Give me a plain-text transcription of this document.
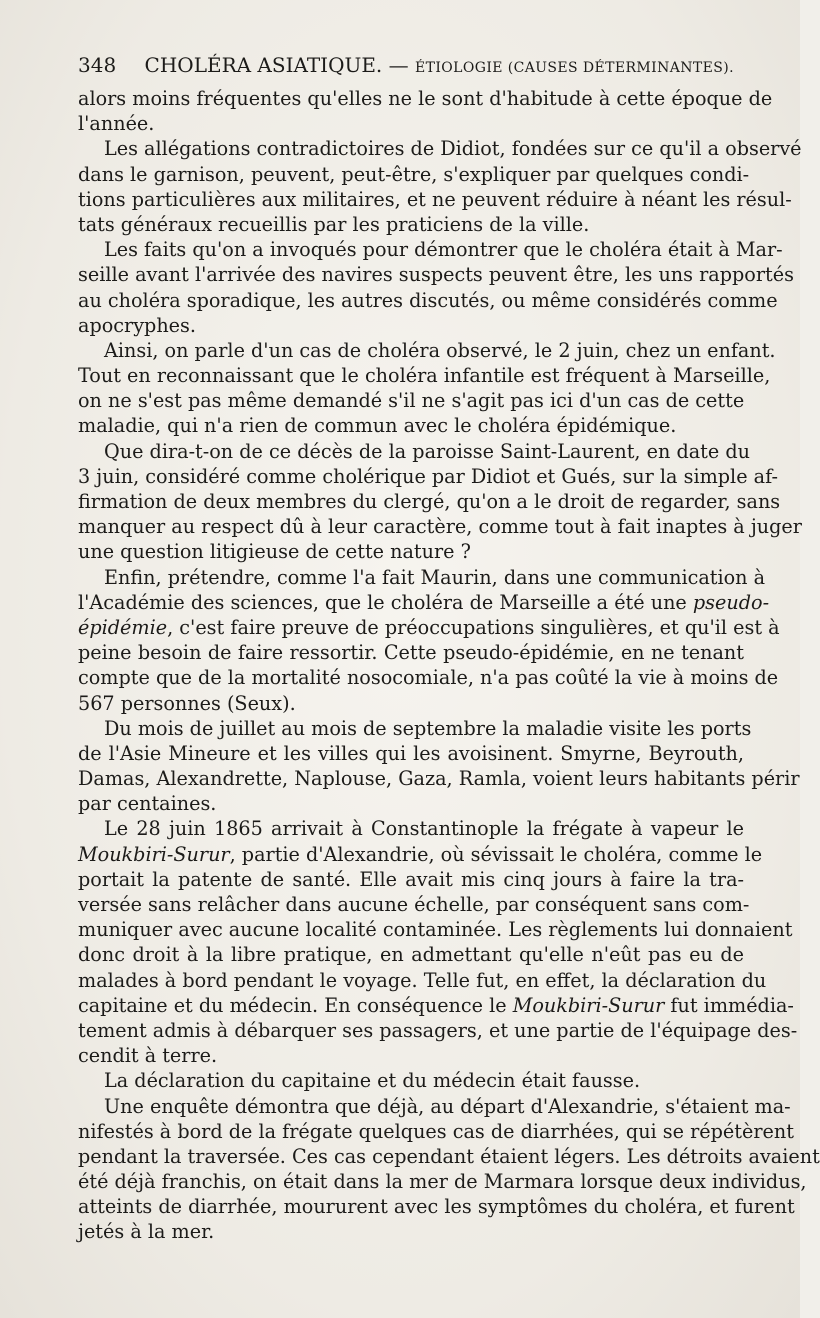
348 CHOLÉRA ASIATIQUE. — ÉTIOLOGIE (CAUSES DÉTERMINANTES).
alors moins fréquentes qu'elles ne le sont d'habitude à cette époque de
l'année.
Les allégations contradictoires de Didiot, fondées sur ce qu'il a observé
dans le garnison, peuvent, peut-être, s'expliquer par quelques condi-
tions particulières aux militaires, et ne peuvent réduire à néant les résul-
tats généraux recueillis par les praticiens de la ville.
Les faits qu'on a invoqués pour démontrer que le choléra était à Mar-
seille avant l'arrivée des navires suspects peuvent être, les uns rapportés
au choléra sporadique, les autres discutés, ou même considérés comme
apocryphes.
Ainsi, on parle d'un cas de choléra observé, le 2 juin, chez un enfant.
Tout en reconnaissant que le choléra infantile est fréquent à Marseille,
on ne s'est pas même demandé s'il ne s'agit pas ici d'un cas de cette
maladie, qui n'a rien de commun avec le choléra épidémique.
Que dira-t-on de ce décès de la paroisse Saint-Laurent, en date du
3 juin, considéré comme cholérique par Didiot et Gués, sur la simple af-
firmation de deux membres du clergé, qu'on a le droit de regarder, sans
manquer au respect dû à leur caractère, comme tout à fait inaptes à juger
une question litigieuse de cette nature ?
Enfin, prétendre, comme l'a fait Maurin, dans une communication à
l'Académie des sciences, que le choléra de Marseille a été une pseudo-
épidémie, c'est faire preuve de préoccupations singulières, et qu'il est à
peine besoin de faire ressortir. Cette pseudo-épidémie, en ne tenant
compte que de la mortalité nosocomiale, n'a pas coûté la vie à moins de
567 personnes (Seux).
Du mois de juillet au mois de septembre la maladie visite les ports
de l'Asie Mineure et les villes qui les avoisinent. Smyrne, Beyrouth,
Damas, Alexandrette, Naplouse, Gaza, Ramla, voient leurs habitants périr
par centaines.
Le 28 juin 1865 arrivait à Constantinople la frégate à vapeur le
Moukbiri-Surur, partie d'Alexandrie, où sévissait le choléra, comme le
portait la patente de santé. Elle avait mis cinq jours à faire la tra-
versée sans relâcher dans aucune échelle, par conséquent sans com-
muniquer avec aucune localité contaminée. Les règlements lui donnaient
donc droit à la libre pratique, en admettant qu'elle n'eût pas eu de
malades à bord pendant le voyage. Telle fut, en effet, la déclaration du
capitaine et du médecin. En conséquence le Moukbiri-Surur fut immédia-
tement admis à débarquer ses passagers, et une partie de l'équipage des-
cendit à terre.
La déclaration du capitaine et du médecin était fausse.
Une enquête démontra que déjà, au départ d'Alexandrie, s'étaient ma-
nifestés à bord de la frégate quelques cas de diarrhées, qui se répétèrent
pendant la traversée. Ces cas cependant étaient légers. Les détroits avaient
été déjà franchis, on était dans la mer de Marmara lorsque deux individus,
atteints de diarrhée, moururent avec les symptômes du choléra, et furent
jetés à la mer.
